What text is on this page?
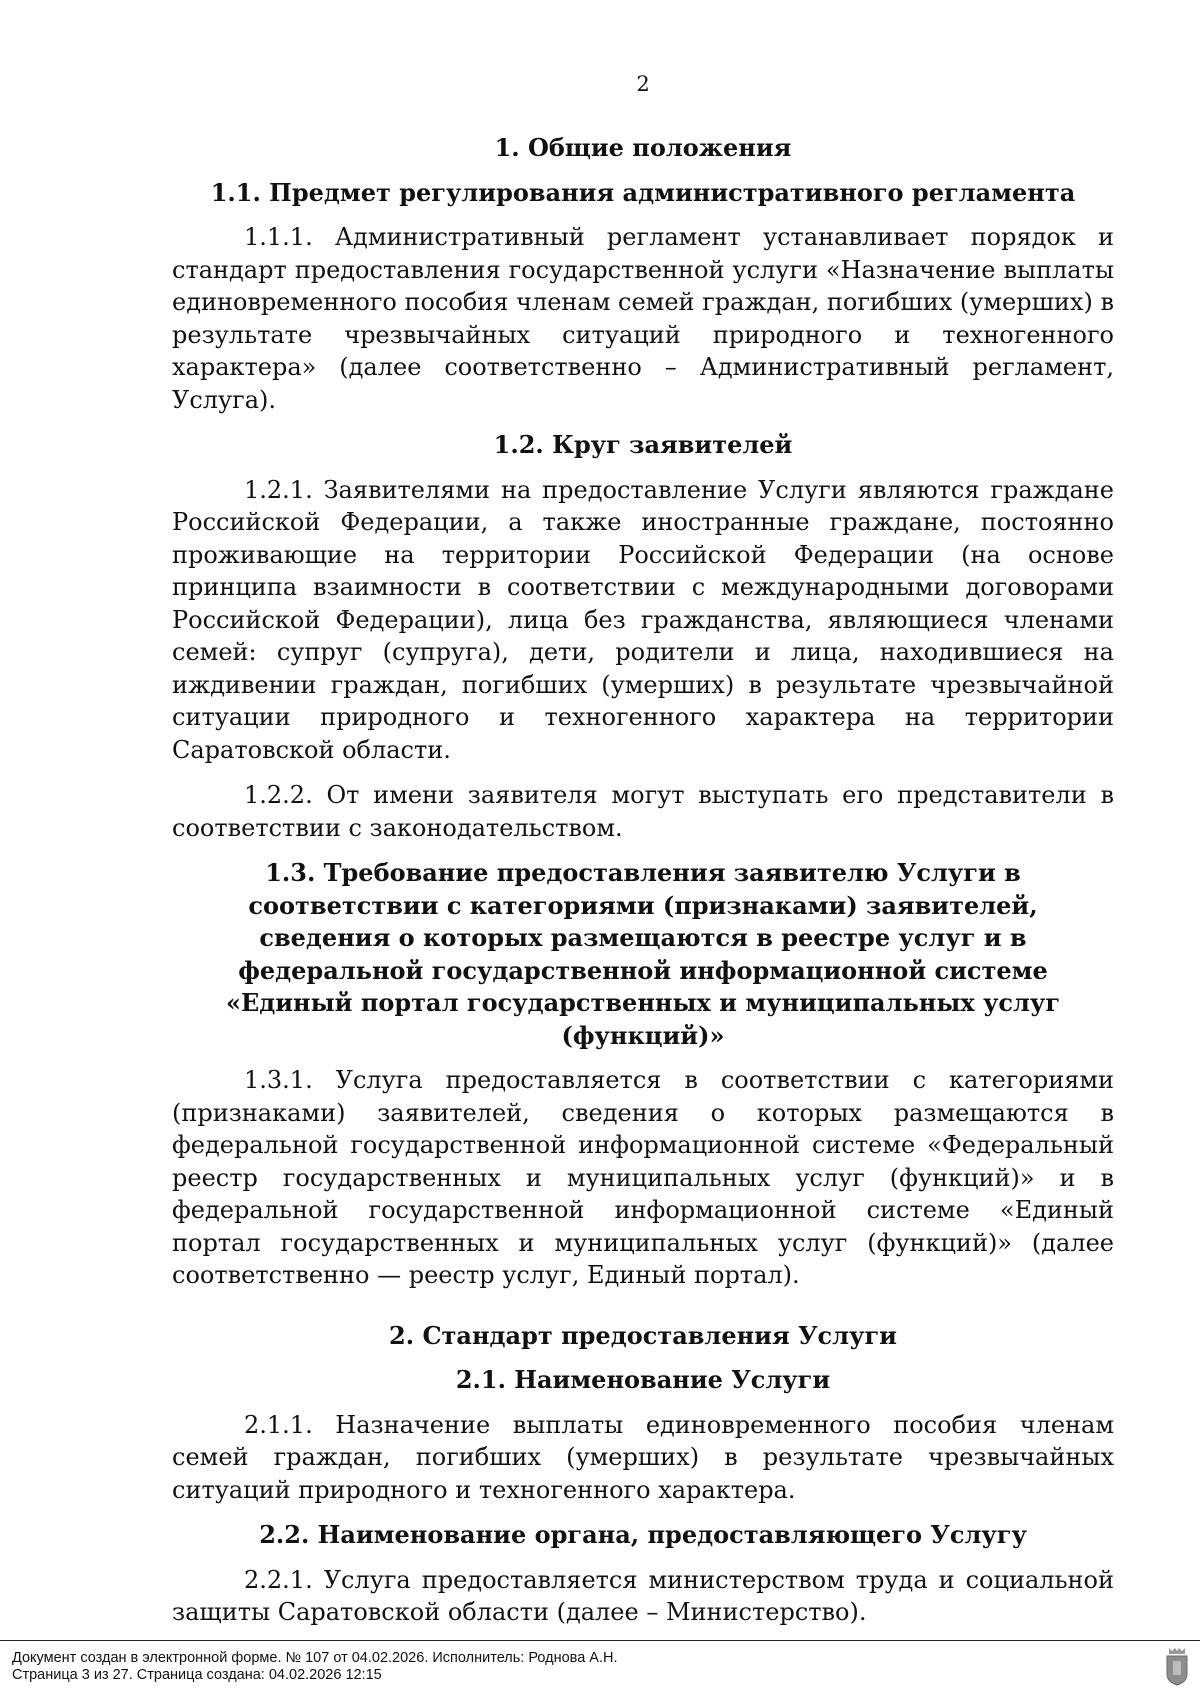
2
1. Общие положения
1.1. Предмет регулирования административного регламента

1.1.1. Административный регламент устанавливает порядок и стандарт предоставления государственной услуги «Назначение выплаты единовременного пособия членам семей граждан, погибших (умерших) в результате чрезвычайных ситуаций природного и техногенного характера» (далее соответственно – Административный регламент, Услуга).

1.2. Круг заявителей

1.2.1. Заявителями на предоставление Услуги являются граждане Российской Федерации, а также иностранные граждане, постоянно проживающие на территории Российской Федерации (на основе принципа взаимности в соответствии с международными договорами Российской Федерации), лица без гражданства, являющиеся членами семей: супруг (супруга), дети, родители и лица, находившиеся на иждивении граждан, погибших (умерших) в результате чрезвычайной ситуации природного и техногенного характера на территории Саратовской области.

1.2.2. От имени заявителя могут выступать его представители в соответствии с законодательством.

1.3. Требование предоставления заявителю Услуги в соответствии с категориями (признаками) заявителей, сведения о которых размещаются в реестре услуг и в федеральной государственной информационной системе «Единый портал государственных и муниципальных услуг (функций)»

1.3.1. Услуга предоставляется в соответствии с категориями (признаками) заявителей, сведения о которых размещаются в федеральной государственной информационной системе «Федеральный реестр государственных и муниципальных услуг (функций)» и в федеральной государственной информационной системе «Единый портал государственных и муниципальных услуг (функций)» (далее соответственно — реестр услуг, Единый портал).

2. Стандарт предоставления Услуги
2.1. Наименование Услуги

2.1.1. Назначение выплаты единовременного пособия членам семей граждан, погибших (умерших) в результате чрезвычайных ситуаций природного и техногенного характера.

2.2. Наименование органа, предоставляющего Услугу

2.2.1. Услуга предоставляется министерством труда и социальной защиты Саратовской области (далее – Министерство).

Документ создан в электронной форме. № 107 от 04.02.2026. Исполнитель: Роднова А.Н.
Страница 3 из 27. Страница создана: 04.02.2026 12:15
